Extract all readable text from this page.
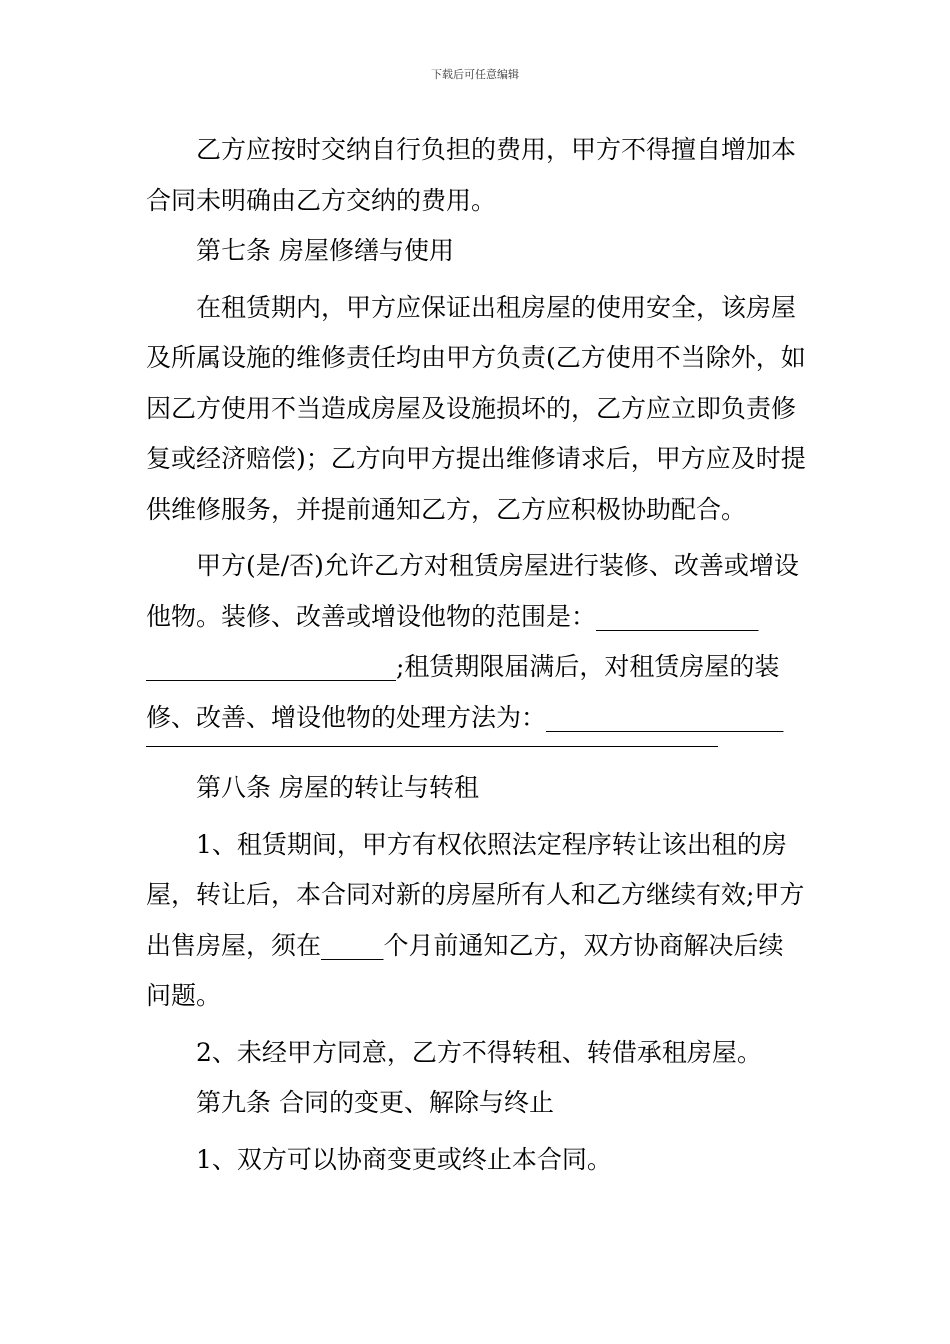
下载后可任意编辑

乙方应按时交纳自行负担的费用，甲方不得擅自增加本合同未明确由乙方交纳的费用。

第七条 房屋修缮与使用

在租赁期内，甲方应保证出租房屋的使用安全，该房屋及所属设施的维修责任均由甲方负责(乙方使用不当除外，如因乙方使用不当造成房屋及设施损坏的，乙方应立即负责修复或经济赔偿)；乙方向甲方提出维修请求后，甲方应及时提供维修服务，并提前通知乙方，乙方应积极协助配合。

甲方(是/否)允许乙方对租赁房屋进行装修、改善或增设他物。装修、改善或增设他物的范围是：_____________ ____________________;租赁期限届满后，对租赁房屋的装修、改善、增设他物的处理方法为：___________________

第八条 房屋的转让与转租

1、租赁期间，甲方有权依照法定程序转让该出租的房屋，转让后，本合同对新的房屋所有人和乙方继续有效;甲方出售房屋，须在_____个月前通知乙方，双方协商解决后续问题。

2、未经甲方同意，乙方不得转租、转借承租房屋。

第九条 合同的变更、解除与终止

1、双方可以协商变更或终止本合同。
